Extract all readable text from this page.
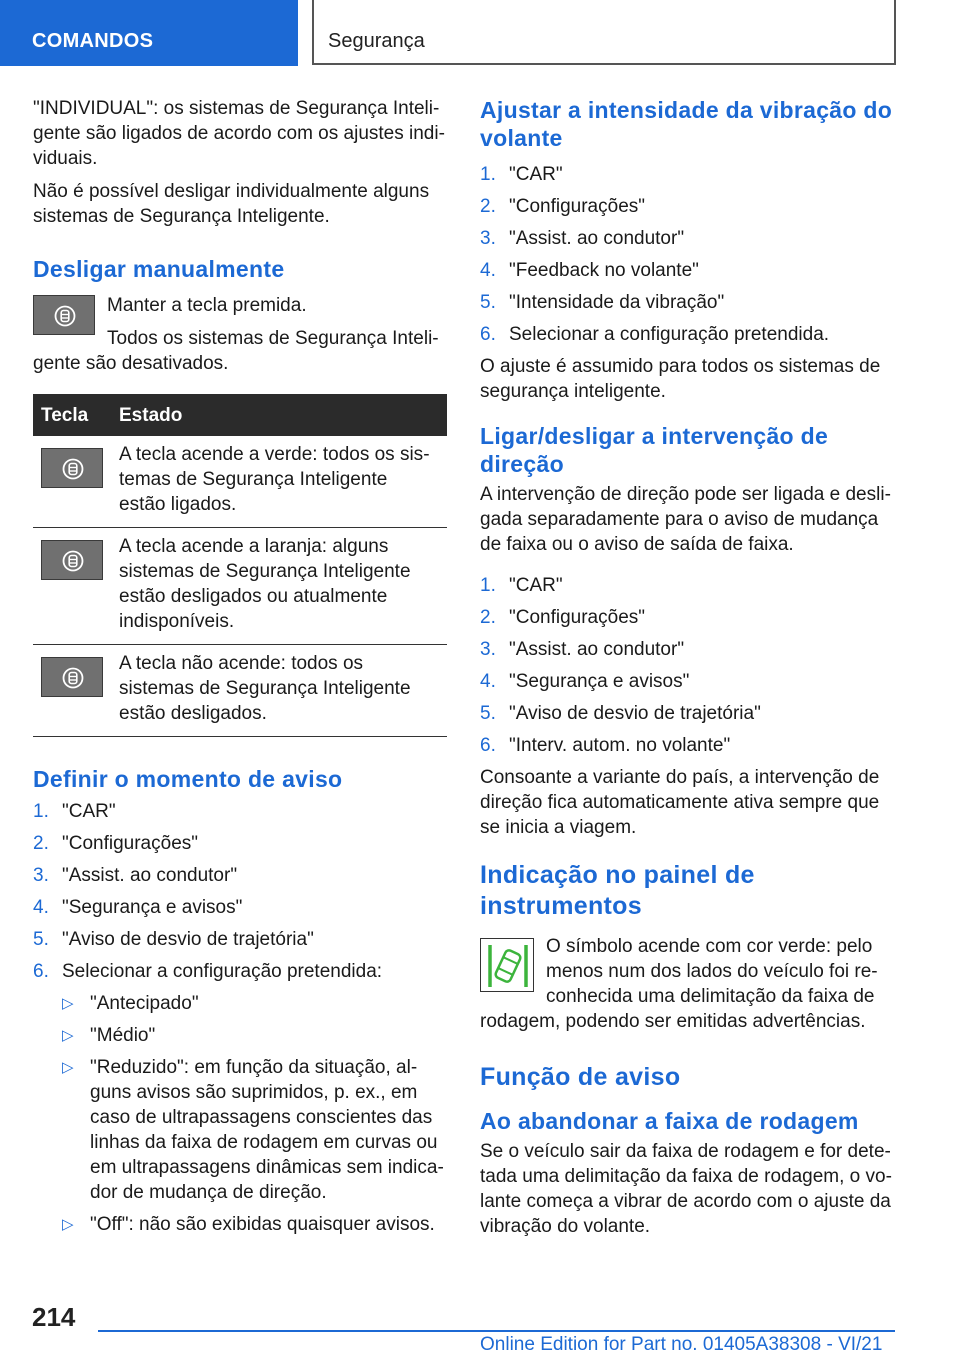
COMANDOS	Segurança

"INDIVIDUAL": os sistemas de Segurança Inteligente são ligados de acordo com os ajustes individuais.

Não é possível desligar individualmente alguns sistemas de Segurança Inteligente.

Desligar manualmente

Manter a tecla premida.

Todos os sistemas de Segurança Inteligente são desativados.

Tecla	Estado

	A tecla acende a verde: todos os sistemas de Segurança Inteligente estão ligados.

	A tecla acende a laranja: alguns sistemas de Segurança Inteligente estão desligados ou atualmente indisponíveis.

	A tecla não acende: todos os sistemas de Segurança Inteligente estão desligados.
Definir o momento de aviso
1. "CAR"
2. "Configurações"
3. "Assist. ao condutor"
4. "Segurança e avisos"
5. "Aviso de desvio de trajetória"
6. Selecionar a configuração pretendida:
▷ "Antecipado"
▷ "Médio"
▷ "Reduzido": em função da situação, alguns avisos são suprimidos, p. ex., em caso de ultrapassagens conscientes das linhas da faixa de rodagem em curvas ou em ultrapassagens dinâmicas sem indicador de mudança de direção.
▷ "Off": não são exibidas quaisquer avisos.
Ajustar a intensidade da vibração do volante
1. "CAR"
2. "Configurações"
3. "Assist. ao condutor"
4. "Feedback no volante"
5. "Intensidade da vibração"
6. Selecionar a configuração pretendida.

O ajuste é assumido para todos os sistemas de segurança inteligente.

Ligar/desligar a intervenção de direção

A intervenção de direção pode ser ligada e desligada separadamente para o aviso de mudança de faixa ou o aviso de saída de faixa.

1. "CAR"
2. "Configurações"
3. "Assist. ao condutor"
4. "Segurança e avisos"
5. "Aviso de desvio de trajetória"
6. "Interv. autom. no volante"

Consoante a variante do país, a intervenção de direção fica automaticamente ativa sempre que se inicia a viagem.

Indicação no painel de instrumentos

O símbolo acende com cor verde: pelo menos num dos lados do veículo foi reconhecida uma delimitação da faixa de rodagem, podendo ser emitidas advertências.

Função de aviso
Ao abandonar a faixa de rodagem

Se o veículo sair da faixa de rodagem e for detetada uma delimitação da faixa de rodagem, o volante começa a vibrar de acordo com o ajuste da vibração do volante.

214
Online Edition for Part no. 01405A38308 - VI/21
